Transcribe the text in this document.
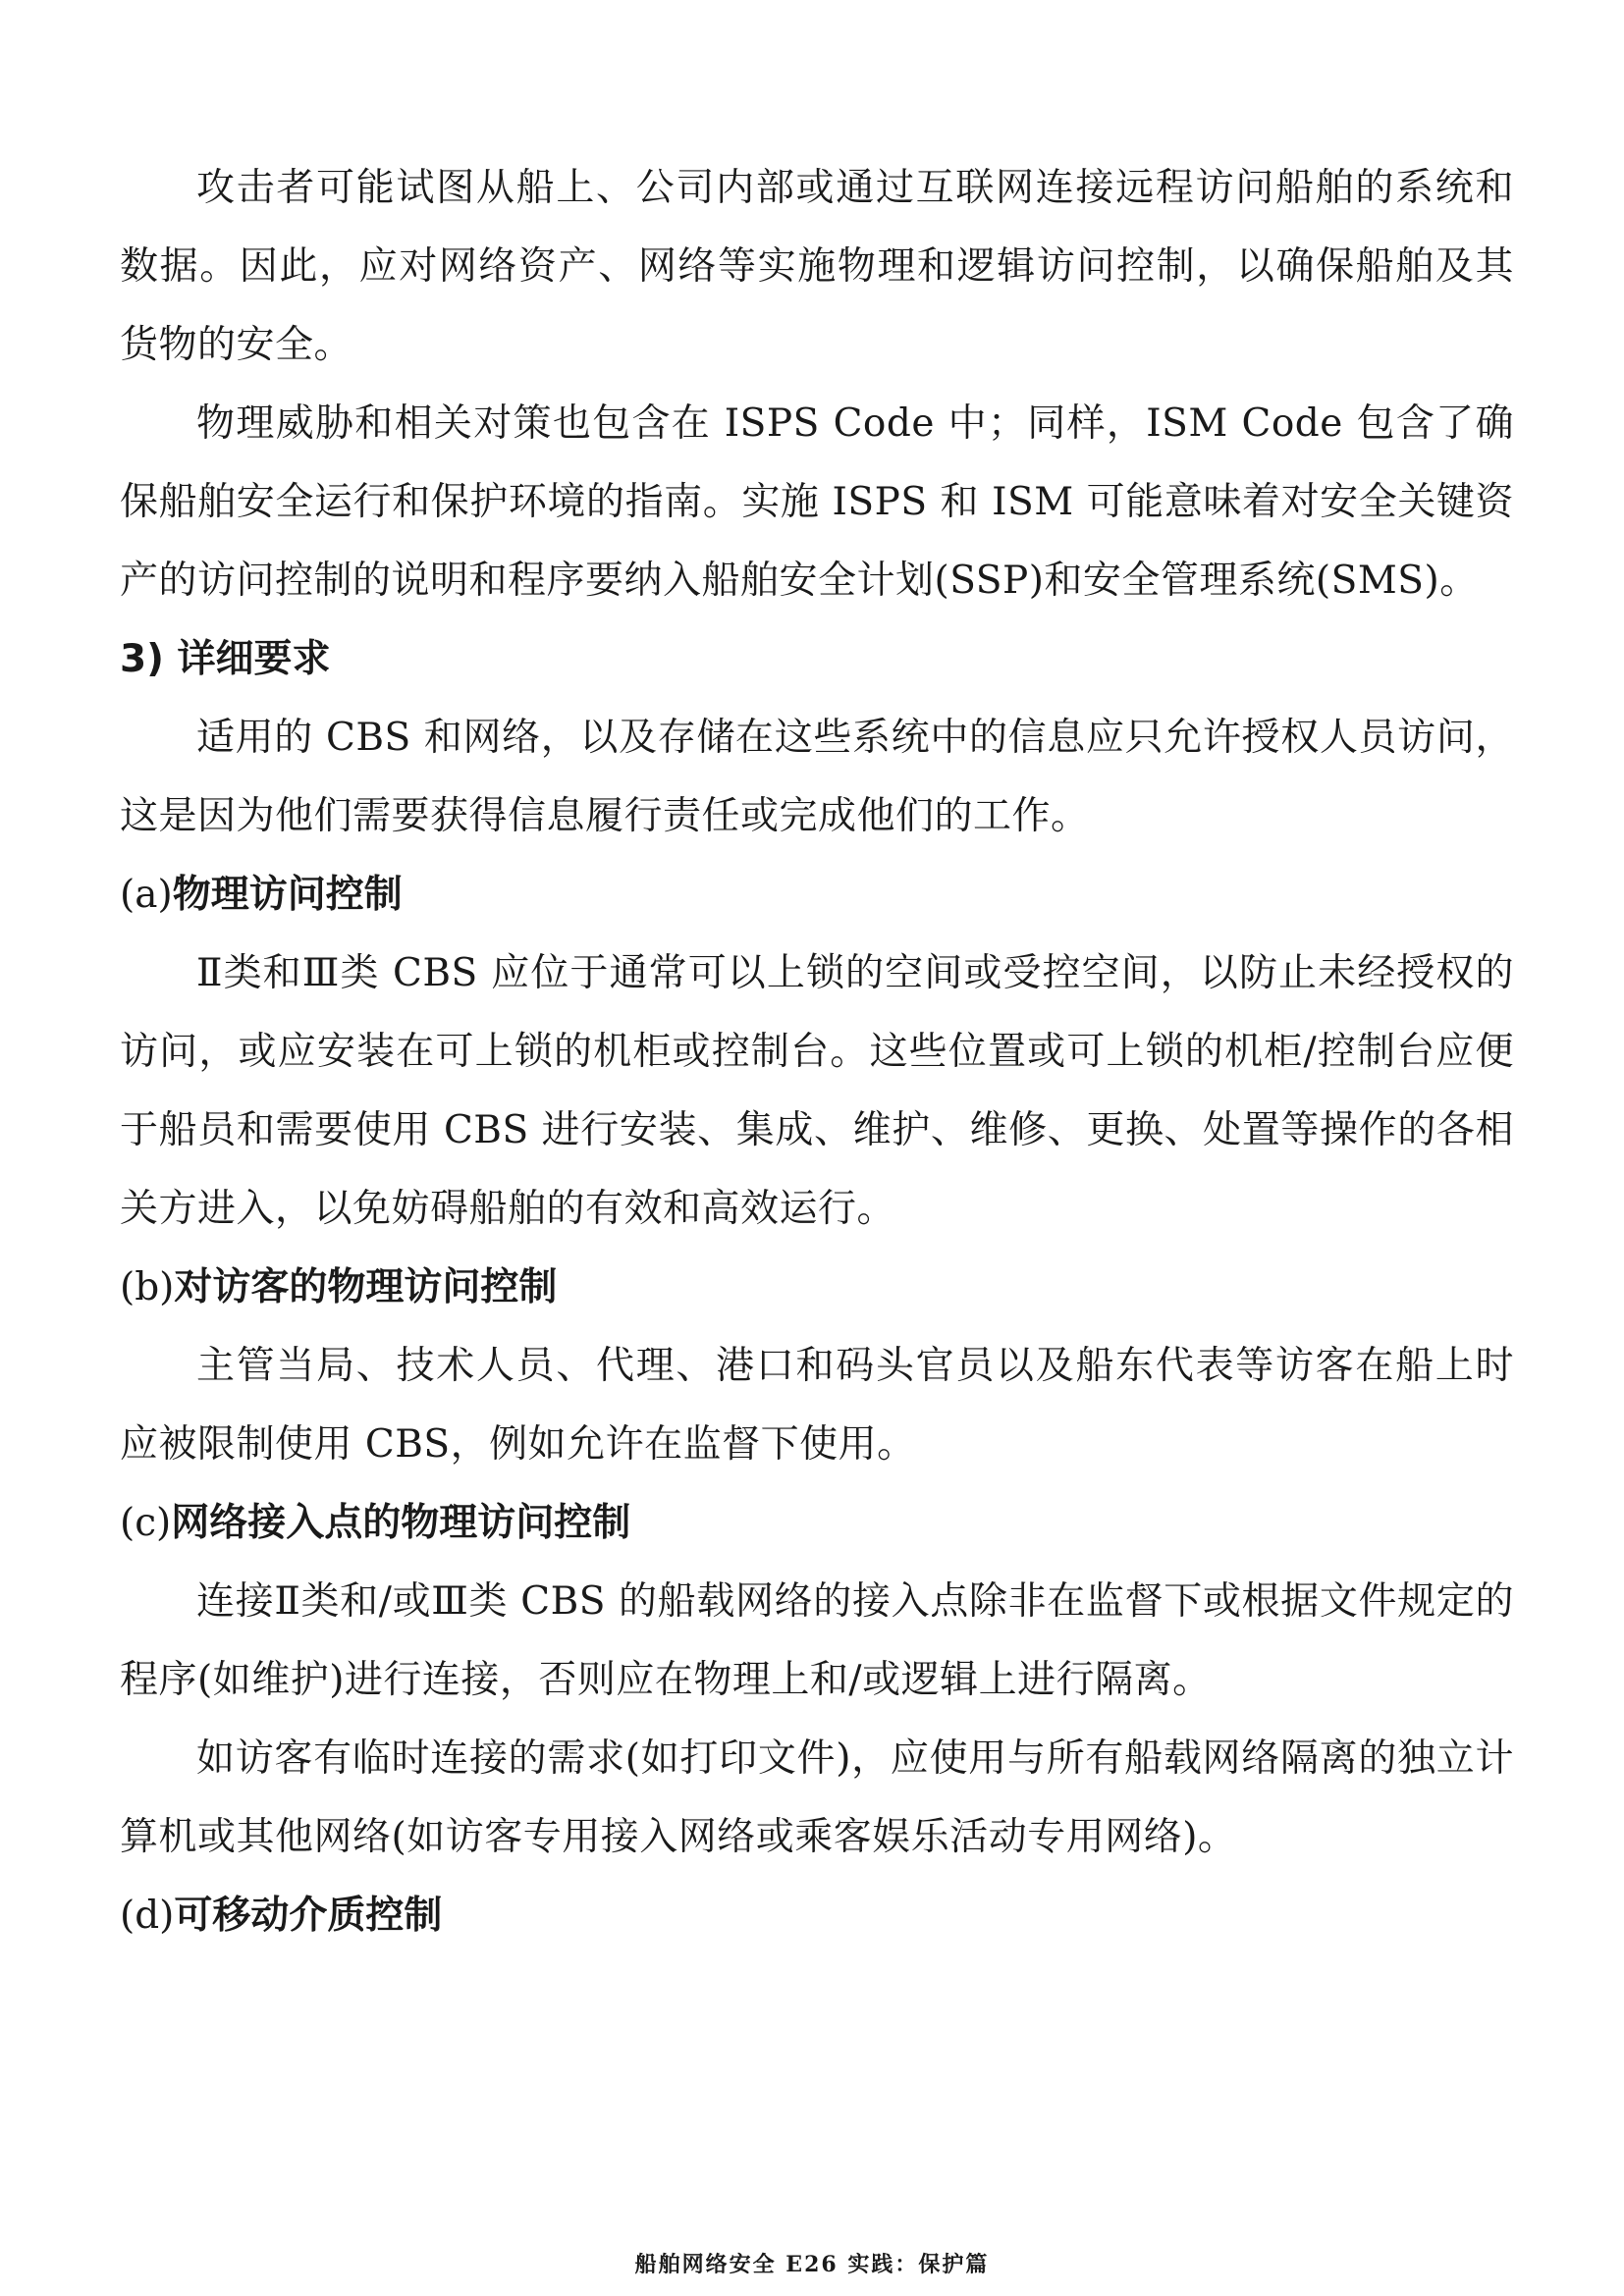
攻击者可能试图从船上、公司内部或通过互联网连接远程访问船舶的系统和数据。因此，应对网络资产、网络等实施物理和逻辑访问控制，以确保船舶及其货物的安全。

物理威胁和相关对策也包含在 ISPS Code 中；同样，ISM Code 包含了确保船舶安全运行和保护环境的指南。实施 ISPS 和 ISM 可能意味着对安全关键资产的访问控制的说明和程序要纳入船舶安全计划(SSP)和安全管理系统(SMS)。

3) 详细要求

适用的 CBS 和网络，以及存储在这些系统中的信息应只允许授权人员访问，这是因为他们需要获得信息履行责任或完成他们的工作。

(a)物理访问控制

Ⅱ类和Ⅲ类 CBS 应位于通常可以上锁的空间或受控空间，以防止未经授权的访问，或应安装在可上锁的机柜或控制台。这些位置或可上锁的机柜/控制台应便于船员和需要使用 CBS 进行安装、集成、维护、维修、更换、处置等操作的各相关方进入，以免妨碍船舶的有效和高效运行。

(b)对访客的物理访问控制

主管当局、技术人员、代理、港口和码头官员以及船东代表等访客在船上时应被限制使用 CBS，例如允许在监督下使用。

(c)网络接入点的物理访问控制

连接Ⅱ类和/或Ⅲ类 CBS 的船载网络的接入点除非在监督下或根据文件规定的程序(如维护)进行连接，否则应在物理上和/或逻辑上进行隔离。

如访客有临时连接的需求(如打印文件)，应使用与所有船载网络隔离的独立计算机或其他网络(如访客专用接入网络或乘客娱乐活动专用网络)。

(d)可移动介质控制

船舶网络安全 E26 实践：保护篇
